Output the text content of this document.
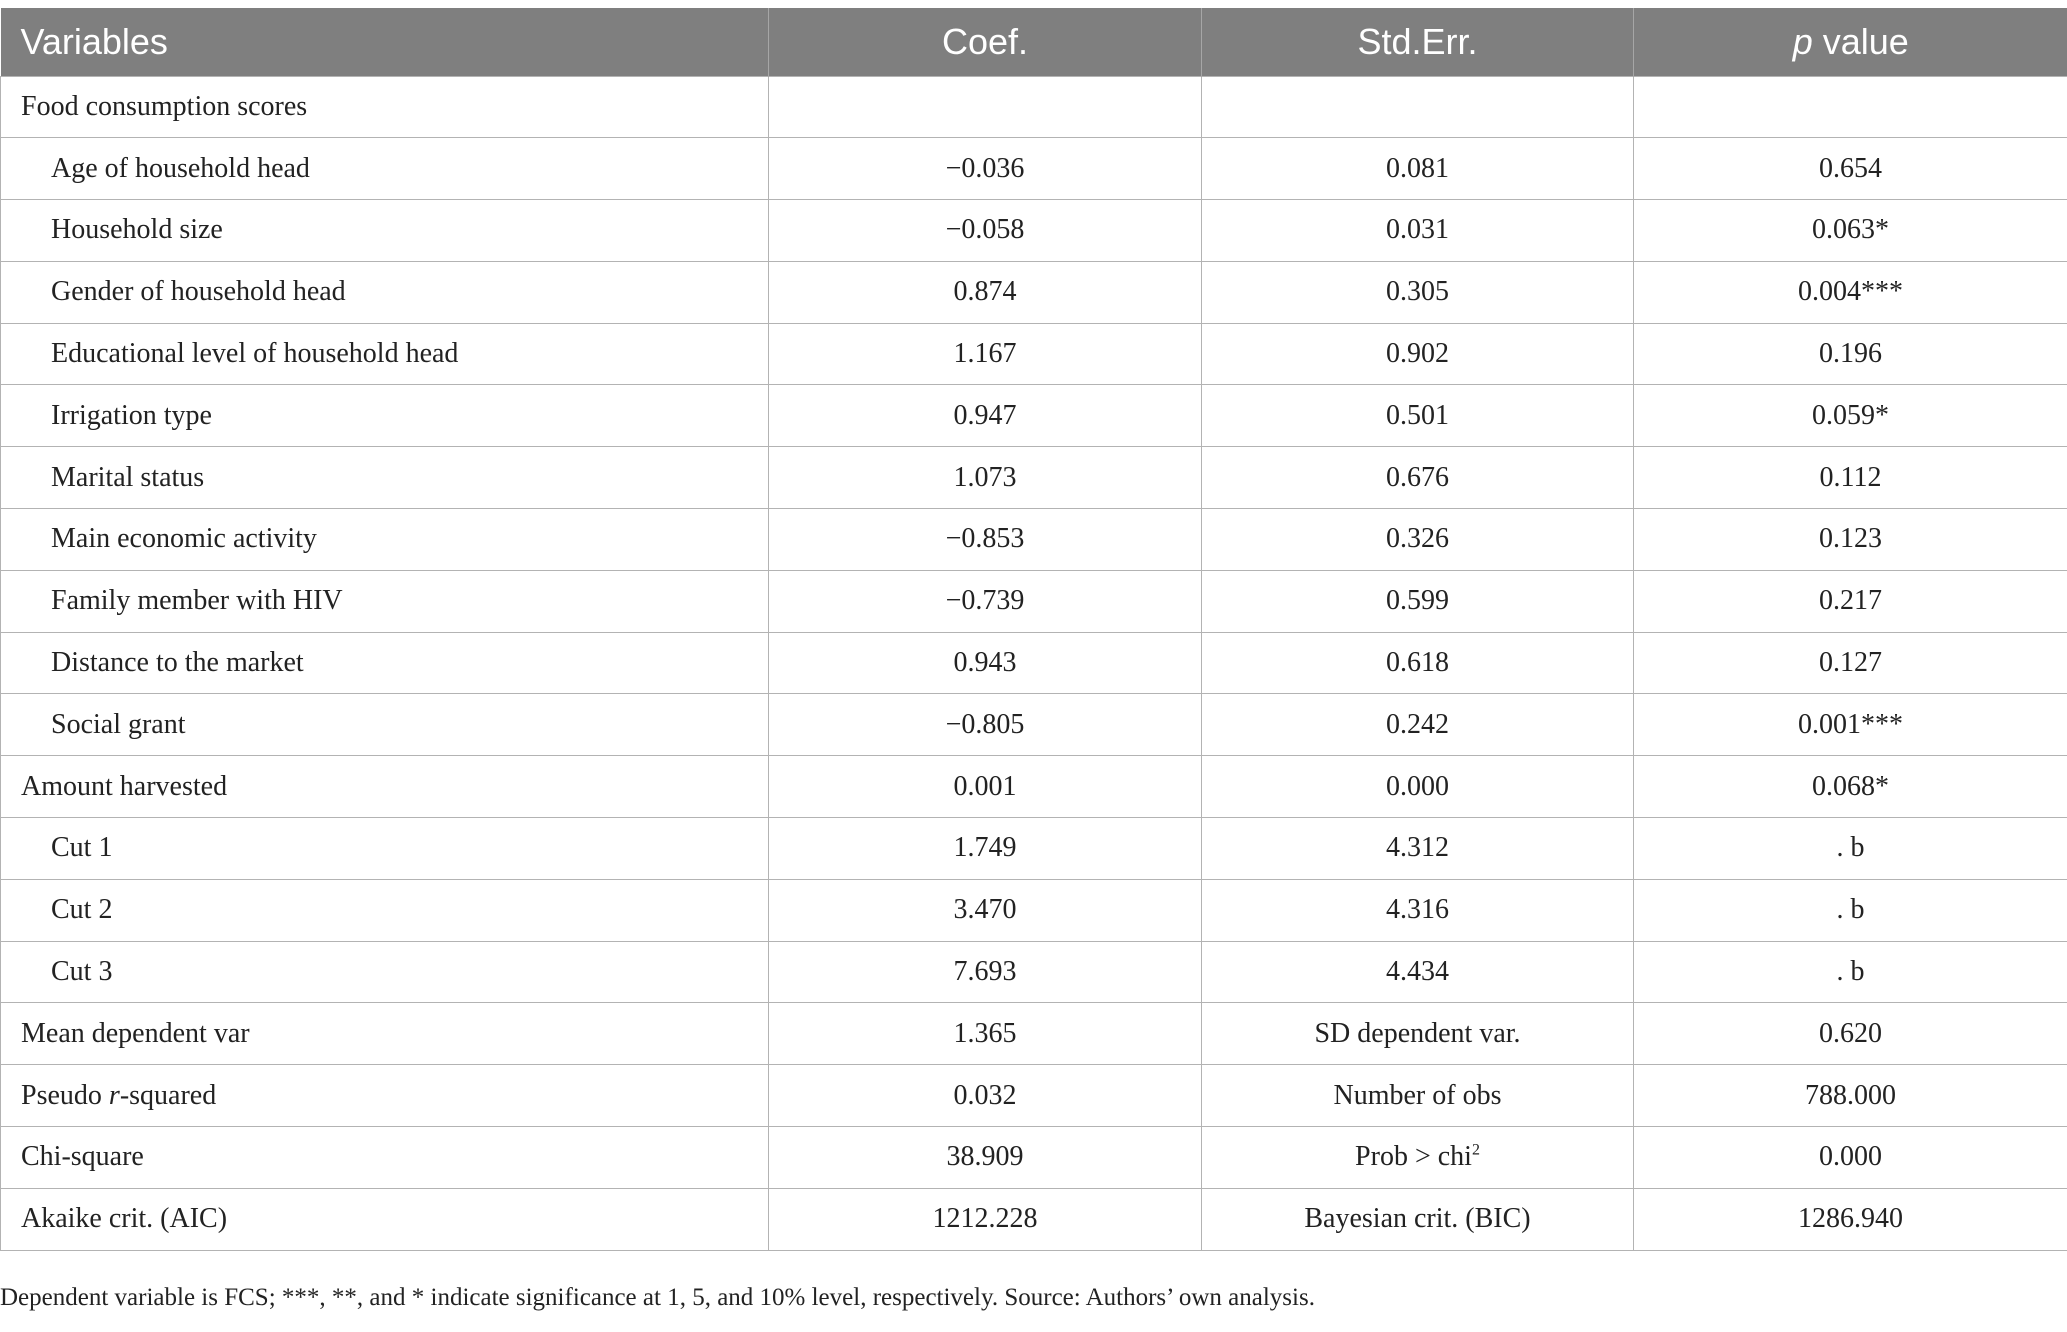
Variables	Coef.	Std.Err.	p value
Food consumption scores			
Age of household head	−0.036	0.081	0.654
Household size	−0.058	0.031	0.063*
Gender of household head	0.874	0.305	0.004***
Educational level of household head	1.167	0.902	0.196
Irrigation type	0.947	0.501	0.059*
Marital status	1.073	0.676	0.112
Main economic activity	−0.853	0.326	0.123
Family member with HIV	−0.739	0.599	0.217
Distance to the market	0.943	0.618	0.127
Social grant	−0.805	0.242	0.001***
Amount harvested	0.001	0.000	0.068*
Cut 1	1.749	4.312	. b
Cut 2	3.470	4.316	. b
Cut 3	7.693	4.434	. b
Mean dependent var	1.365	SD dependent var.	0.620
Pseudo r-squared	0.032	Number of obs	788.000
Chi-square	38.909	Prob > chi$^2$	0.000
Akaike crit. (AIC)	1212.228	Bayesian crit. (BIC)	1286.940
Dependent variable is FCS; ***, **, and * indicate significance at 1, 5, and 10% level, respectively. Source: Authors’ own analysis.
